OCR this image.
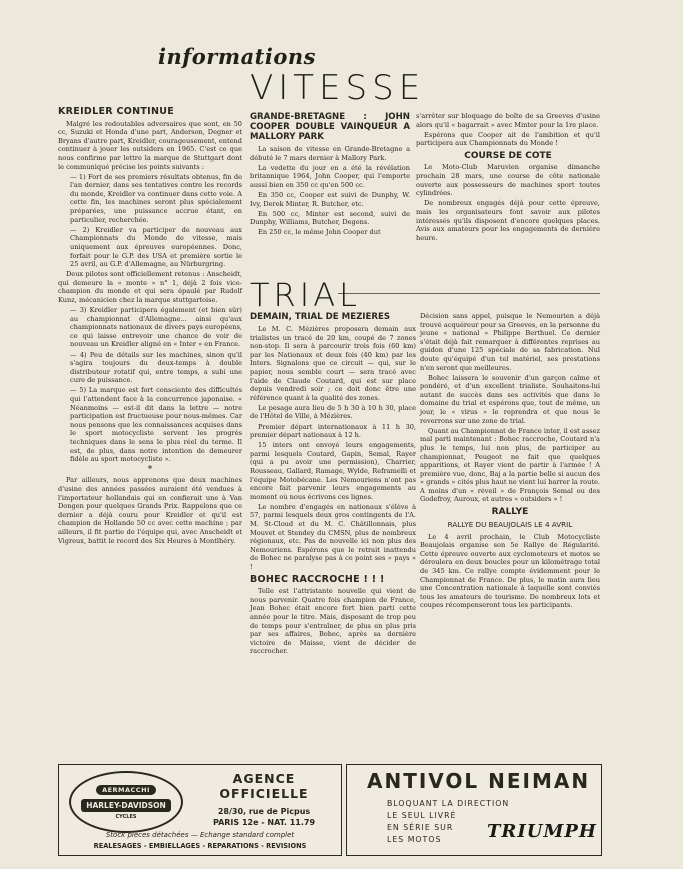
informations
KREIDLER CONTINUE

Malgré les redoutables adversaires que sont, en 50 cc, Suzuki et Honda d'une part, Anderson, Degner et Bryans d'autre part, Kreidler, courageusement, entend continuer à jouer les outsiders en 1965. C'est ce que nous confirme par lettre la marque de Stuttgart dont le communiqué précise les points suivants :

— 1) Fort de ses premiers résultats obtenus, fin de l'an dernier, dans ses tentatives contre les records du monde, Kreidler va continuer dans cette voie. A cette fin, les machines seront plus spécialement préparées, une puissance accrue étant, en particulier, recherchée.

— 2) Kreidler va participer de nouveau aux Championnats du Monde de vitesse, mais uniquement aux épreuves européennes. Donc, forfait pour le G.P. des USA et première sortie le 25 avril, au G.P. d'Allemagne, au Nürburgring.

Deux pilotes sont officiellement retenus : Anscheidt, qui demeure la « monte » n° 1, déjà 2 fois vice-champion du monde et qui sera épaulé par Rudolf Kunz, mécanicien chez la marque stuttgartoise.

— 3) Kreidler participera également (et bien sûr) au championnat d'Allemagne... ainsi qu'aux championnats nationaux de divers pays européens, ce qui laisse entrevoir une chance de voir de nouveau un Kreidler aligné en « Inter » en France.

— 4) Peu de détails sur les machines, sinon qu'il s'agira toujours du deux-temps à double distributeur rotatif qui, entre temps, a subi une cure de puissance.

— 5) La marque est fort consciente des difficultés qui l'attendent face à la concurrence japonaise. « Néanmoins — est-il dit dans la lettre — notre participation est fructueuse pour nous-mêmes. Car nous pensons que les connaissances acquises dans le sport motocycliste servent les progrès techniques dans le sens le plus réel du terme. Il est, de plus, dans notre intention de demeurer fidèle au sport motocycliste ».

*

Par ailleurs, nous apprenons que deux machines d'usine des années passées auraient été vendues à l'importateur hollandais qui en confierait une à Van Dongen pour quelques Grands Prix. Rappelons que ce dernier a déjà couru pour Kreidler et qu'il est champion de Hollande 50 cc avec cette machine ; par ailleurs, il fit partie de l'équipe qui, avec Anscheidt et Vigreux, battit le record des Six Heures à Montlhéry.

VITESSE
GRANDE-BRETAGNE : JOHN COOPER DOUBLE VAINQUEUR A MALLORY PARK

La saison de vitesse en Grande-Bretagne a débuté le 7 mars dernier à Mallory Park.

La vedette du jour en a été la révélation britannique 1964, John Cooper, qui l'emporte aussi bien en 350 cc qu'en 500 cc.

En 350 cc, Cooper est suivi de Dunphy, W. Ivy, Derek Minter, R. Butcher, etc.

En 500 cc, Minter est second, suivi de Dunphy, Williams, Butcher, Degens.

En 250 cc, le même John Cooper dut

s'arrêter sur bloquage de boîte de sa Greeves d'usine alors qu'il « bagarrait » avec Minter pour la 1re place.

Espérons que Cooper ait de l'ambition et qu'il participera aux Championnats du Monde !

COURSE DE COTE

Le Moto-Club Maruvien organise dimanche prochain 28 mars, une course de côte nationale ouverte aux possesseurs de machines sport toutes cylindrées.

De nombreux engagés déjà pour cette épreuve, mais les organisateurs font savoir aux pilotes intéressés qu'ils disposent d'encore quelques places. Avis aux amateurs pour les engagements de dernière heure.

TRIAL
DEMAIN, TRIAL DE MEZIERES

Le M. C. Mézières proposera demain aux trialistes un tracé de 20 km, coupé de 7 zones non-stop. Il sera à parcourir trois fois (60 km) par les Nationaux et deux fois (40 km) par les Inters. Signalons que ce circuit — qui, sur le papier, nous semble court — sera tracé avec l'aide de Claude Coutard, qui est sur place depuis vendredi soir ; ce doit donc être une référence quant à la qualité des zones.

Le pesage aura lieu de 5 h 30 à 10 h 30, place de l'Hôtel de Ville, à Mézières.

Premier départ internationaux à 11 h 30, premier départ nationaux à 12 h.

15 inters ont envoyé leurs engagements, parmi lesquels Coutard, Gapin, Semal, Rayer (qui a pu avoir une permission), Charrier, Rousseau, Gallard, Ramage, Wylde, Reframelli et l'équipe Motobécane. Les Nemouriens n'ont pas encore fait parvenir leurs engagements au moment où nous écrivons ces lignes.

Le nombre d'engagés en nationaux s'élève à 57, parmi lesquels deux gros contingents de l'A. M. St-Cloud et du M. C. Châtillonnais, plus Mouvet et Stendey du CMSN, plus de nombreux régionaux, etc. Pas de nouvelle ici non plus des Nemouriens. Espérons que le retrait inattendu de Bohec ne paralyse pas à ce point ses « pays » !

BOHEC RACCROCHE ! ! !

Telle est l'attristante nouvelle qui vient de nous parvenir. Quatre fois champion de France, Jean Bohec était encore fort bien parti cette année pour le titre. Mais, disposant de trop peu de temps pour s'entraîner, de plus en plus pris par ses affaires, Bohec, après sa dernière victoire de Maisse, vient de décider de raccrocher.

Décision sans appel, puisque le Nemourien a déjà trouvé acquéreur pour sa Greeves, en la personne du jeune « national » Philippe Berthuel. Ce dernier s'était déjà fait remarquer à différentes reprises au guidon d'une 125 spéciale de sa fabrication. Nul doute qu'équipé d'un tel matériel, ses prestations n'en seront que meilleures.

Bohec laissera le souvenir d'un garçon calme et pondéré, et d'un excellent trialiste. Souhaitons-lui autant de succès dans ses activités que dans le domaine du trial et espérons que, tout de même, un jour, le « virus » le reprendra et que nous le reverrons sur une zone de trial.

Quant au Championnat de France inter, il est assez mal parti maintenant : Bohec raccroche, Coutard n'a plus le temps, lui non plus, de participer au championnat, Peugeot ne fait que quelques apparitions, et Rayer vient de partir à l'armée ! A première vue, donc, Baj a la partie belle si aucun des « grands » cités plus haut ne vient lui barrer la route. A moins d'un « réveil » de François Semal ou des Godefroy, Auroux, et autres « outsiders » !

RALLYE
RALLYE DU BEAUJOLAIS LE 4 AVRIL

Le 4 avril prochain, le Club Motocycliste Beaujolais organise son 5e Rallye de Régularité. Cette épreuve ouverte aux cyclomoteurs et motos se déroulera en deux boucles pour un kilométrage total de 345 km. Ce rallye compte évidemment pour le Championnat de France. De plus, le matin aura lieu une Concentration nationale à laquelle sont conviés tous les amateurs de tourisme. De nombreux lots et coupes récompenseront tous les participants.

AERMACCHI
HARLEY-DAVIDSON
CYCLES
AGENCE OFFICIELLE
28/30, rue de Picpus
PARIS 12e - NAT. 11.79
Stock pièces détachées — Echange standard complet
REALESAGES - EMBIELLAGES - REPARATIONS - REVISIONS
ANTIVOL NEIMAN
BLOQUANT LA DIRECTION
LE SEUL LIVRÉ
EN SÉRIE SUR
LES MOTOS	TRIUMPH
